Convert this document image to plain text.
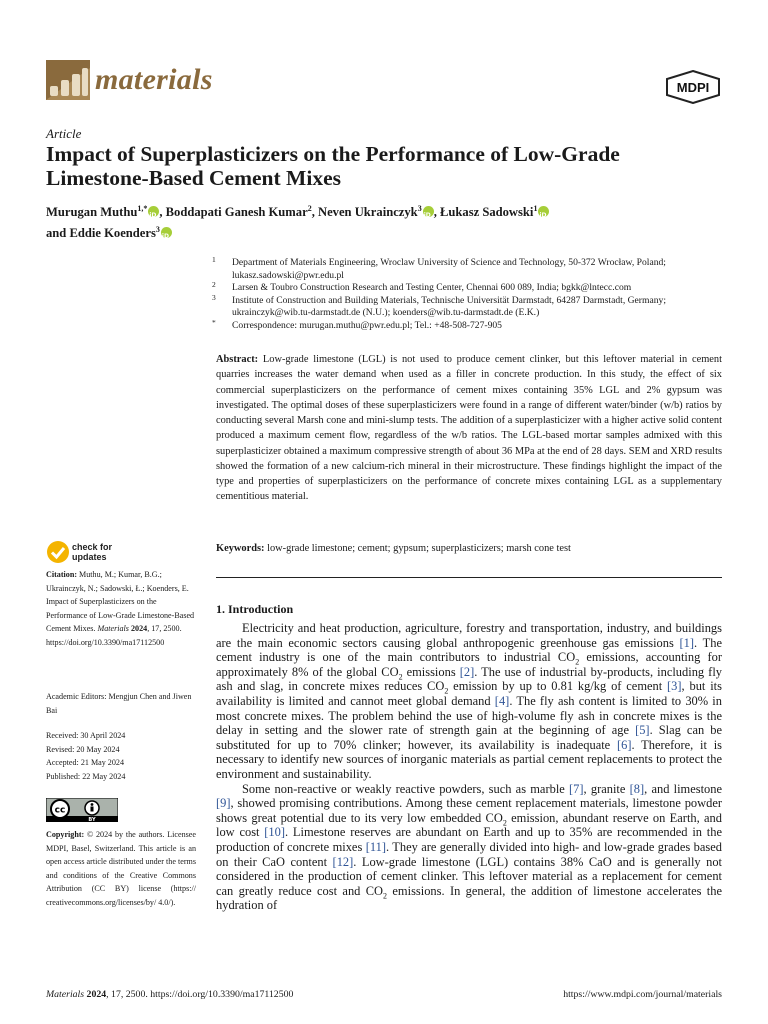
materials	MDPI
Article
Impact of Superplasticizers on the Performance of Low-Grade Limestone-Based Cement Mixes
Murugan Muthu$^{1,*}$ iD , Boddapati Ganesh Kumar$^2$, Neven Ukrainczyk$^3$ iD , Łukasz Sadowski$^1$iD
and Eddie Koenders$^3$iD
1 Department of Materials Engineering, Wroclaw University of Science and Technology, 50-372 Wrocław, Poland; lukasz.sadowski@pwr.edu.pl
2 Larsen & Toubro Construction Research and Testing Center, Chennai 600 089, India; bgkk@lntecc.com
3 Institute of Construction and Building Materials, Technische Universität Darmstadt, 64287 Darmstadt, Germany; ukrainczyk@wib.tu-darmstadt.de (N.U.); koenders@wib.tu-darmstadt.de (E.K.)
* Correspondence: murugan.muthu@pwr.edu.pl; Tel.: +48-508-727-905
Abstract: Low-grade limestone (LGL) is not used to produce cement clinker, but this leftover material in cement quarries increases the water demand when used as a filler in concrete production. In this study, the effect of six commercial superplasticizers on the performance of cement mixes containing 35% LGL and 2% gypsum was investigated. The optimal doses of these superplasticizers were found in a range of different water/binder (w/b) ratios by conducting several Marsh cone and mini-slump tests. The addition of a superplasticizer with a higher active solid content produced a maximum cement flow, regardless of the w/b ratios. The LGL-based mortar samples admixed with this superplasticizer obtained a maximum compressive strength of about 36 MPa at the end of 28 days. SEM and XRD results showed the formation of a new calcium-rich mineral in their microstructure. These findings highlight the impact of the type and properties of superplasticizers on the performance of concrete mixes containing LGL as a supplementary cementitious material.
Keywords: low-grade limestone; cement; gypsum; superplasticizers; marsh cone test
check for
updates
Citation: Muthu, M.; Kumar, B.G.; Ukrainczyk, N.; Sadowski, Ł.; Koenders, E. Impact of Superplasticizers on the Performance of Low-Grade Limestone-Based Cement Mixes. Materials 2024, 17, 2500. https://doi.org/10.3390/ma17112500
Academic Editors: Mengjun Chen and Jiwen Bai
Received: 30 April 2024
Revised: 20 May 2024
Accepted: 21 May 2024
Published: 22 May 2024
cc
BY
Copyright: © 2024 by the authors. Licensee MDPI, Basel, Switzerland. This article is an open access article distributed under the terms and conditions of the Creative Commons Attribution (CC BY) license (https:// creativecommons.org/licenses/by/ 4.0/).
1. Introduction

Electricity and heat production, agriculture, forestry and transportation, industry, and buildings are the main economic sectors causing global anthropogenic greenhouse gas emissions [1]. The cement industry is one of the main contributors to industrial $CO_2$ emissions, accounting for approximately 8% of the global $CO_2$ emissions [2]. The use of industrial by-products, including fly ash and slag, in concrete mixes reduces $CO_2$ emission by up to 0.81 kg/kg of cement [3], but its availability is limited and cannot meet global demand [4]. The fly ash content is limited to 30% in most concrete mixes. The problem behind the use of high-volume fly ash in concrete mixes is the delay in setting and the slower rate of strength gain at the beginning of age [5]. Slag can be substituted for up to 70% clinker; however, its availability is inadequate [6]. Therefore, it is necessary to identify new sources of inorganic materials as partial cement replacements to protect the environment and sustainability.

Some non-reactive or weakly reactive powders, such as marble [7], granite [8], and limestone [9], showed promising contributions. Among these cement replacement materials, limestone powder shows great potential due to its very low embedded $CO_2$ emission, abundant reserve on Earth, and low cost [10]. Limestone reserves are abundant on Earth and up to 35% are recommended in the production of concrete mixes [11]. They are generally divided into high- and low-grade grades based on their CaO content [12]. Low-grade limestone (LGL) contains 38% CaO and is generally not considered in the production of cement clinker. This leftover material as a replacement for cement can greatly reduce cost and $CO_2$ emissions. In general, the addition of limestone accelerates the hydration of

Materials 2024, 17, 2500. https://doi.org/10.3390/ma17112500	https://www.mdpi.com/journal/materials
